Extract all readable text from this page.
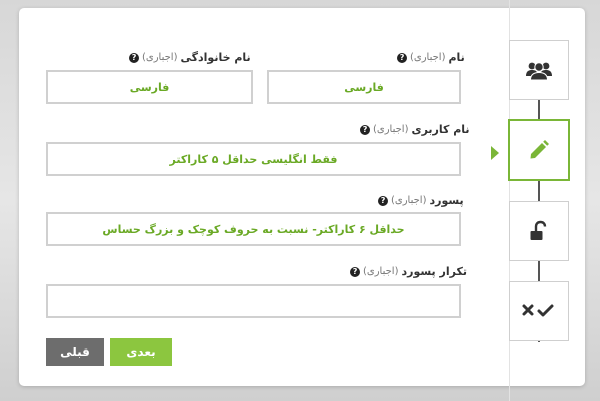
نام
(اجباری)
?
نام خانوادگی
(اجباری)
?
فارسی
فارسی
نام کاربری
(اجباری)
?
فقط انگلیسی حداقل ۵ کاراکتر
پسورد
(اجباری)
?
حداقل ۶ کاراکتر- نسبت به حروف کوچک و بزرگ حساس
تکرار پسورد
(اجباری)
?
بعدی
قبلی
